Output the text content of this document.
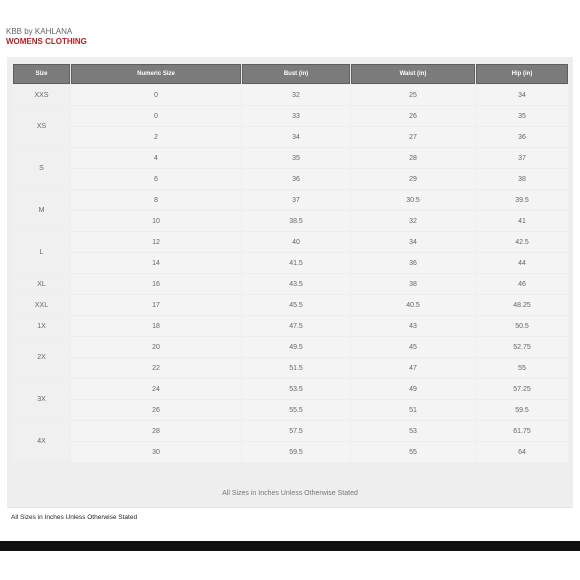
KBB by KAHLANA
WOMENS CLOTHING
Size	Numeric Size	Bust (in)	Waist (in)	Hip (in)
XXS	0	32	25	34
XS	0	33	26	35
	2	34	27	36
S	4	35	28	37
	6	36	29	38
M	8	37	30.5	39.5
	10	38.5	32	41
L	12	40	34	42.5
	14	41.5	36	44
XL	16	43.5	38	46
XXL	17	45.5	40.5	48.25
1X	18	47.5	43	50.5
2X	20	49.5	45	52.75
	22	51.5	47	55
3X	24	53.5	49	57.25
	26	55.5	51	59.5
4X	28	57.5	53	61.75
	30	59.5	55	64
All Sizes in Inches Unless Otherwise Stated
All Sizes in Inches Unless Otherwise Stated
